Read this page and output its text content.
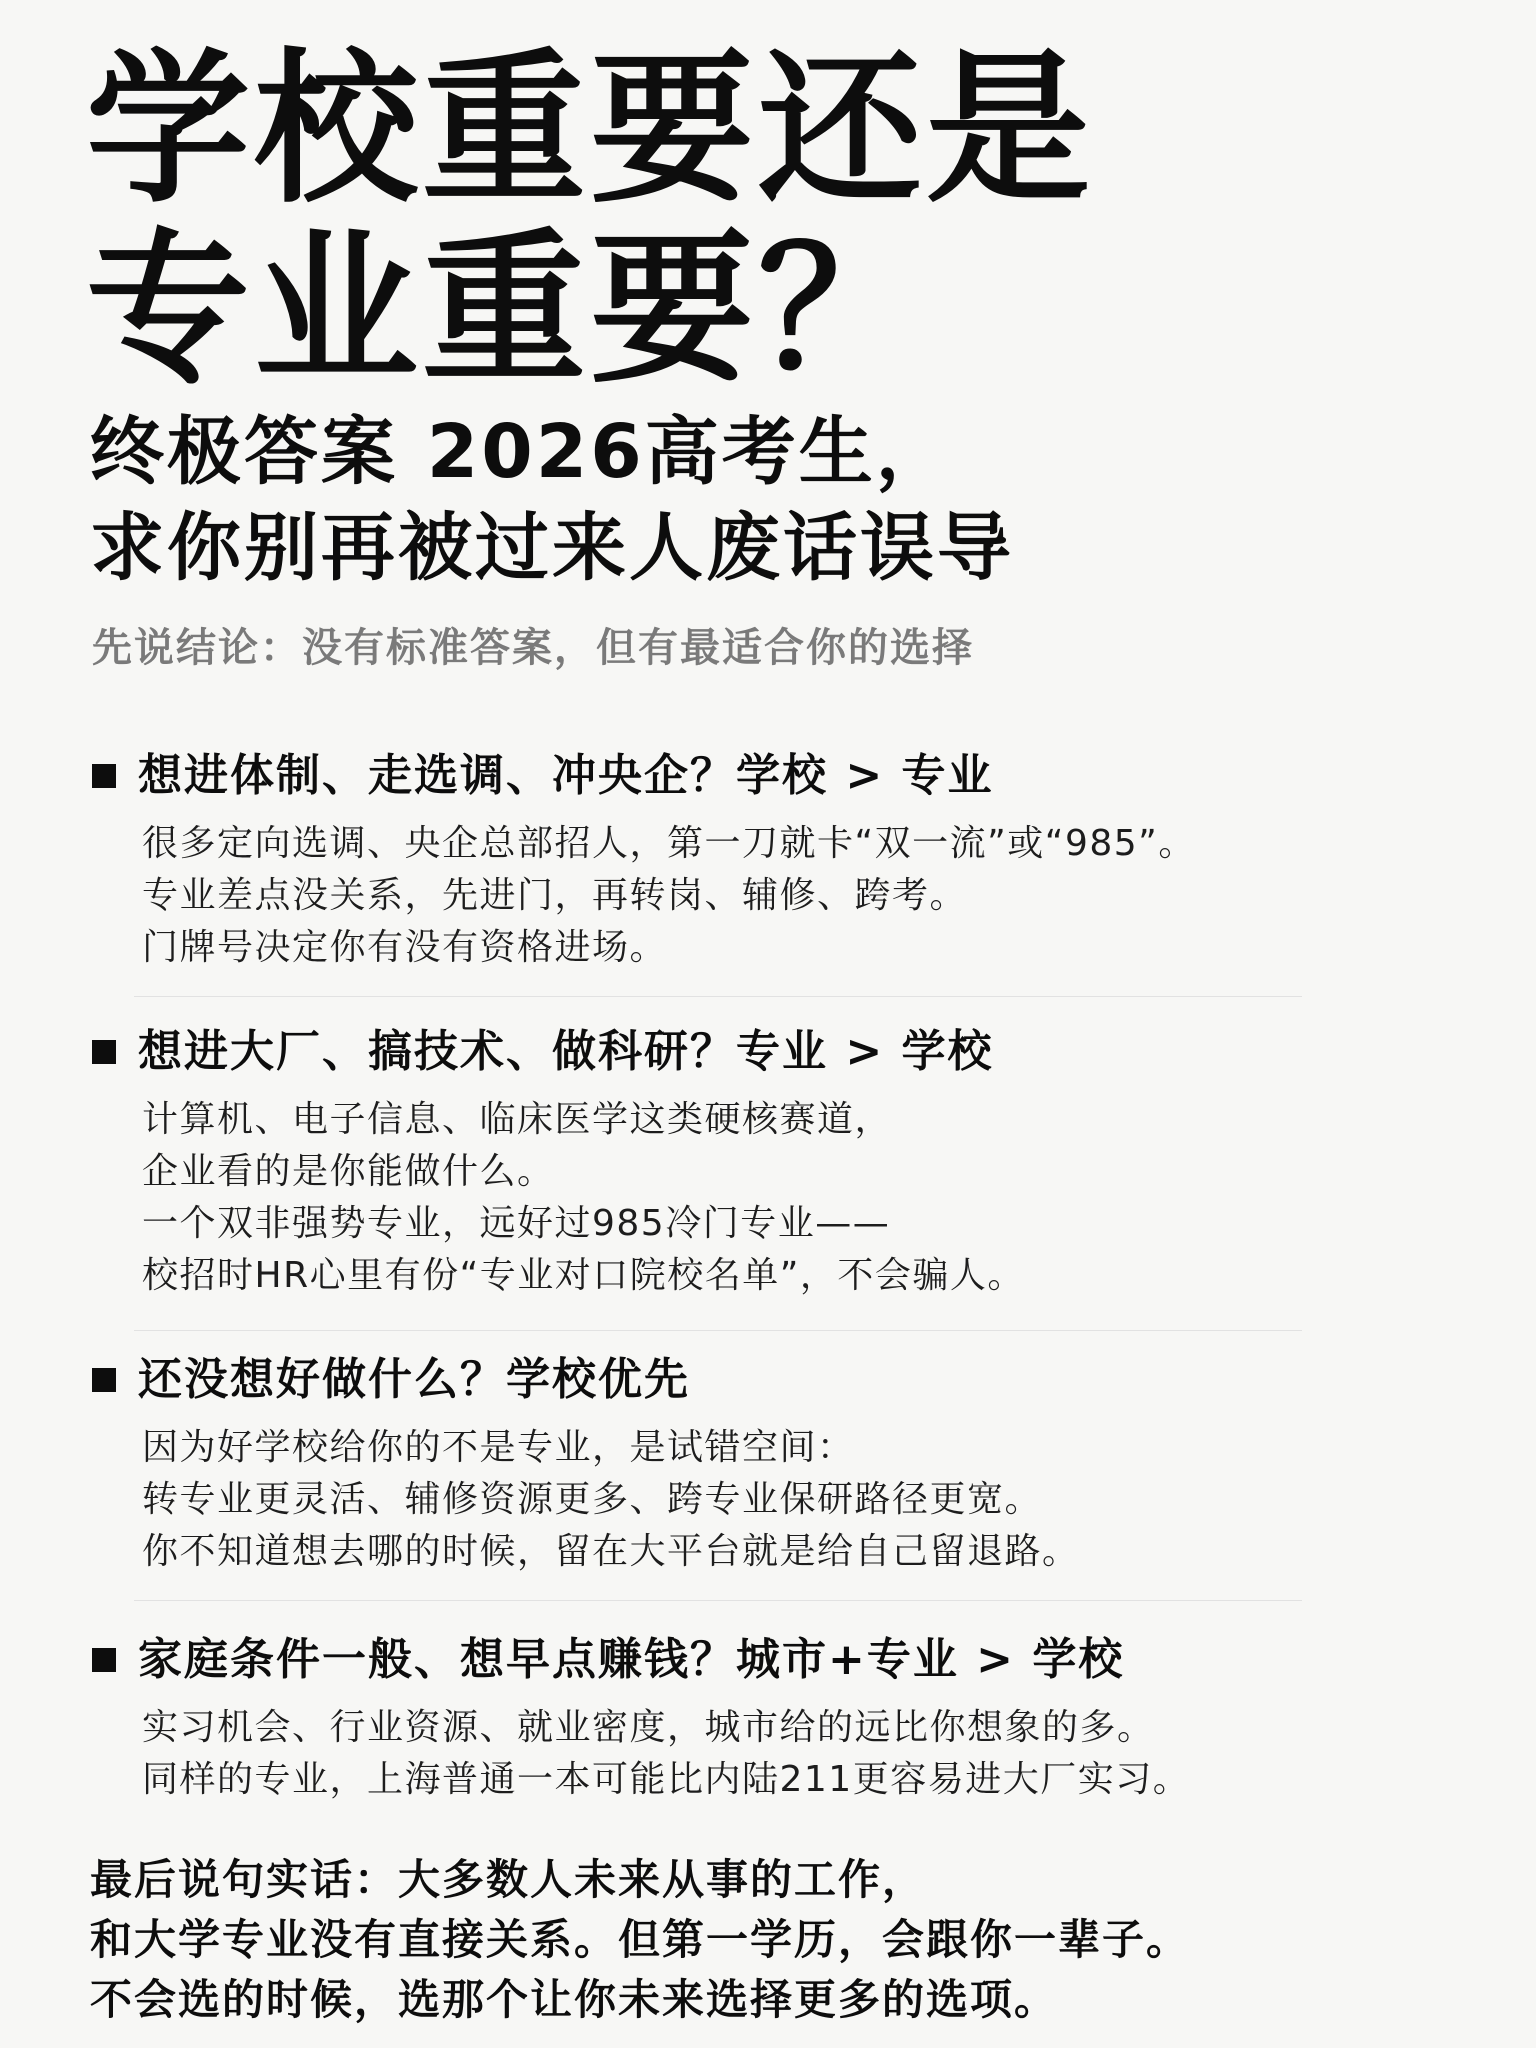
学校重要还是
专业重要？
终极答案 2026高考生，
求你别再被过来人废话误导

先说结论：没有标准答案，但有最适合你的选择

想进体制、走选调、冲央企？学校 > 专业
很多定向选调、央企总部招人，第一刀就卡“双一流”或“985”。
专业差点没关系，先进门，再转岗、辅修、跨考。
门牌号决定你有没有资格进场。
想进大厂、搞技术、做科研？专业 > 学校
计算机、电子信息、临床医学这类硬核赛道，
企业看的是你能做什么。
一个双非强势专业，远好过985冷门专业——
校招时HR心里有份“专业对口院校名单”，不会骗人。
还没想好做什么？学校优先
因为好学校给你的不是专业，是试错空间：
转专业更灵活、辅修资源更多、跨专业保研路径更宽。
你不知道想去哪的时候，留在大平台就是给自己留退路。
家庭条件一般、想早点赚钱？城市+专业 > 学校
实习机会、行业资源、就业密度，城市给的远比你想象的多。
同样的专业，上海普通一本可能比内陆211更容易进大厂实习。
最后说句实话：大多数人未来从事的工作，
和大学专业没有直接关系。但第一学历，会跟你一辈子。
不会选的时候，选那个让你未来选择更多的选项。
